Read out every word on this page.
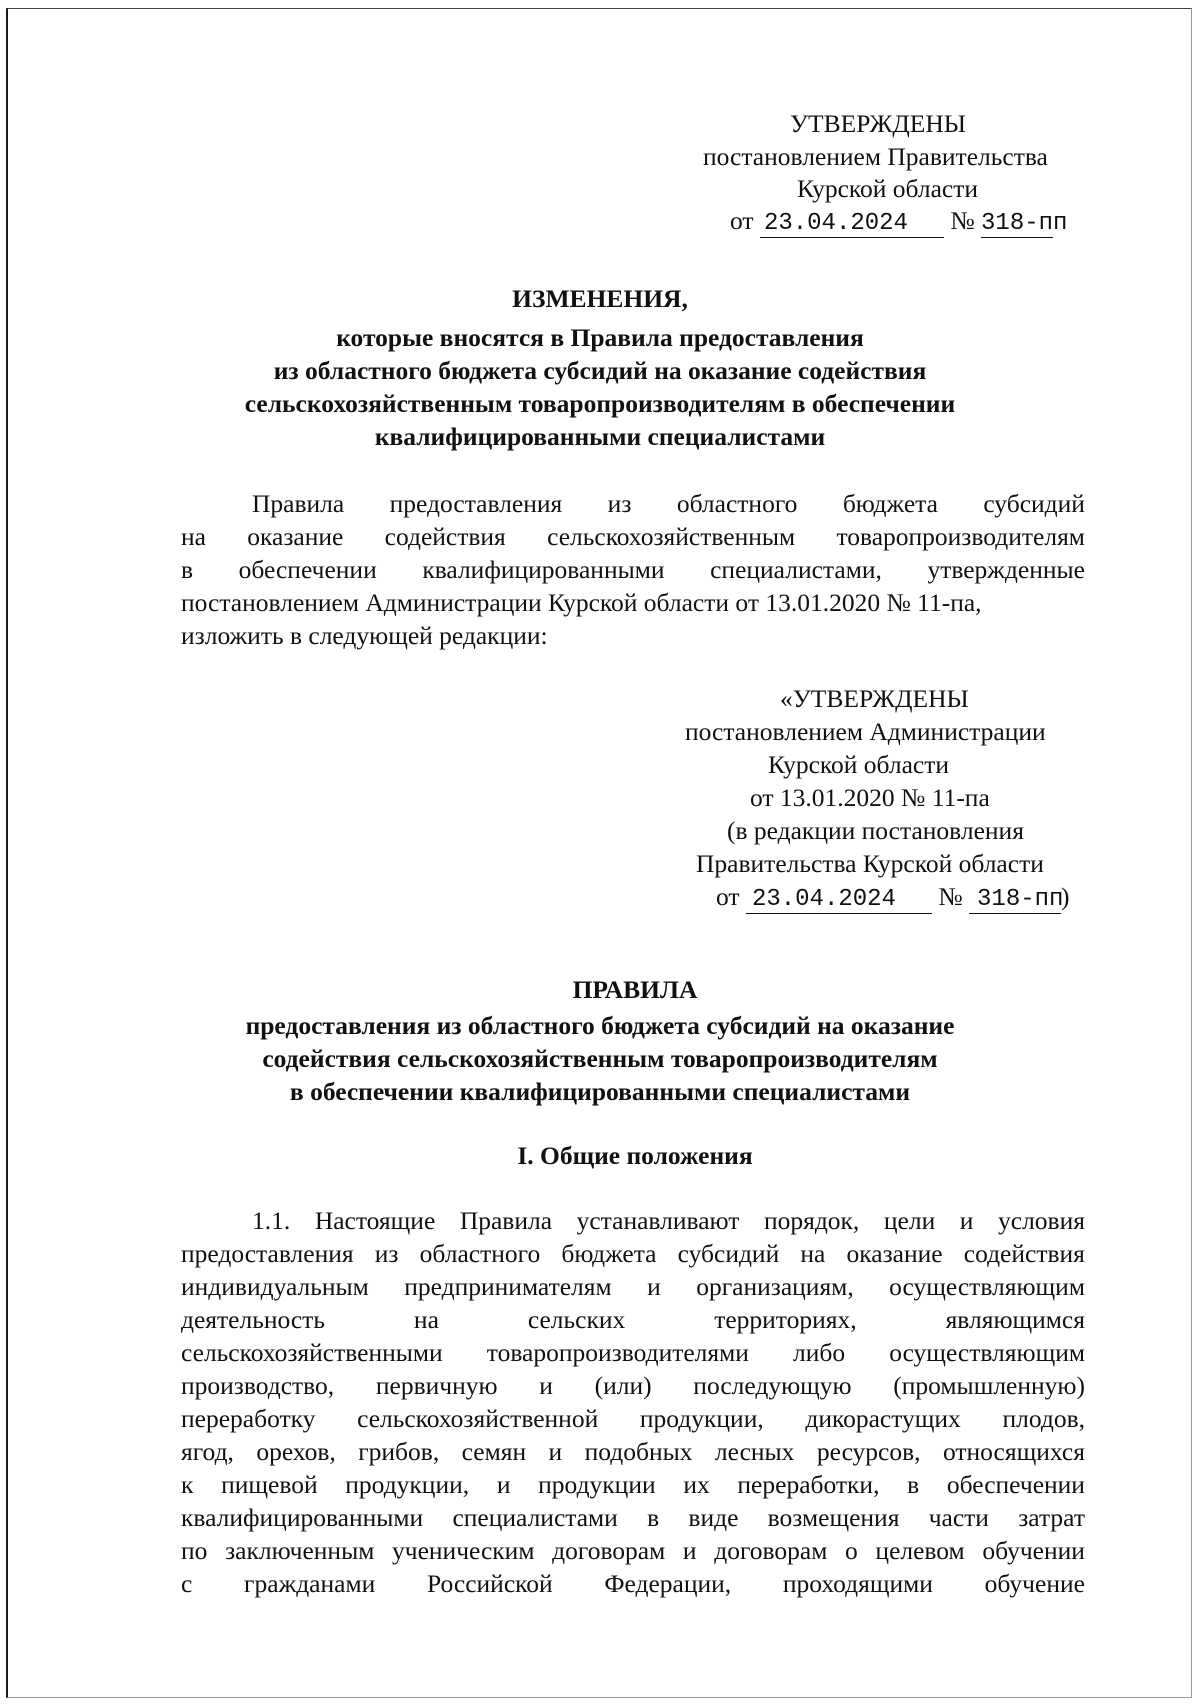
УТВЕРЖДЕНЫ
постановлением Правительства
Курской области
от 23.04.2024 № 318-пп
ИЗМЕНЕНИЯ,
которые вносятся в Правила предоставления
из областного бюджета субсидий на оказание содействия
сельскохозяйственным товаропроизводителям в обеспечении
квалифицированными специалистами
Правила предоставления из областного бюджета субсидий
на оказание содействия сельскохозяйственным товаропроизводителям
в обеспечении квалифицированными специалистами, утвержденные
постановлением Администрации Курской области от 13.01.2020 № 11-па,
изложить в следующей редакции:
«УТВЕРЖДЕНЫ
постановлением Администрации
Курской области
от 13.01.2020 № 11-па
(в редакции постановления
Правительства Курской области
от 23.04.2024 № 318-пп)
ПРАВИЛА
предоставления из областного бюджета субсидий на оказание
содействия сельскохозяйственным товаропроизводителям
в обеспечении квалифицированными специалистами
I. Общие положения
1.1. Настоящие Правила устанавливают порядок, цели и условия
предоставления из областного бюджета субсидий на оказание содействия
индивидуальным предпринимателям и организациям, осуществляющим
деятельность	на	сельских	территориях,	являющимся
сельскохозяйственными товаропроизводителями либо осуществляющим
производство, первичную и (или) последующую (промышленную)
переработку сельскохозяйственной продукции, дикорастущих плодов,
ягод, орехов, грибов, семян и подобных лесных ресурсов, относящихся
к пищевой продукции, и продукции их переработки, в обеспечении
квалифицированными специалистами в виде возмещения части затрат
по заключенным ученическим договорам и договорам о целевом обучении
с гражданами Российской Федерации, проходящими обучение
